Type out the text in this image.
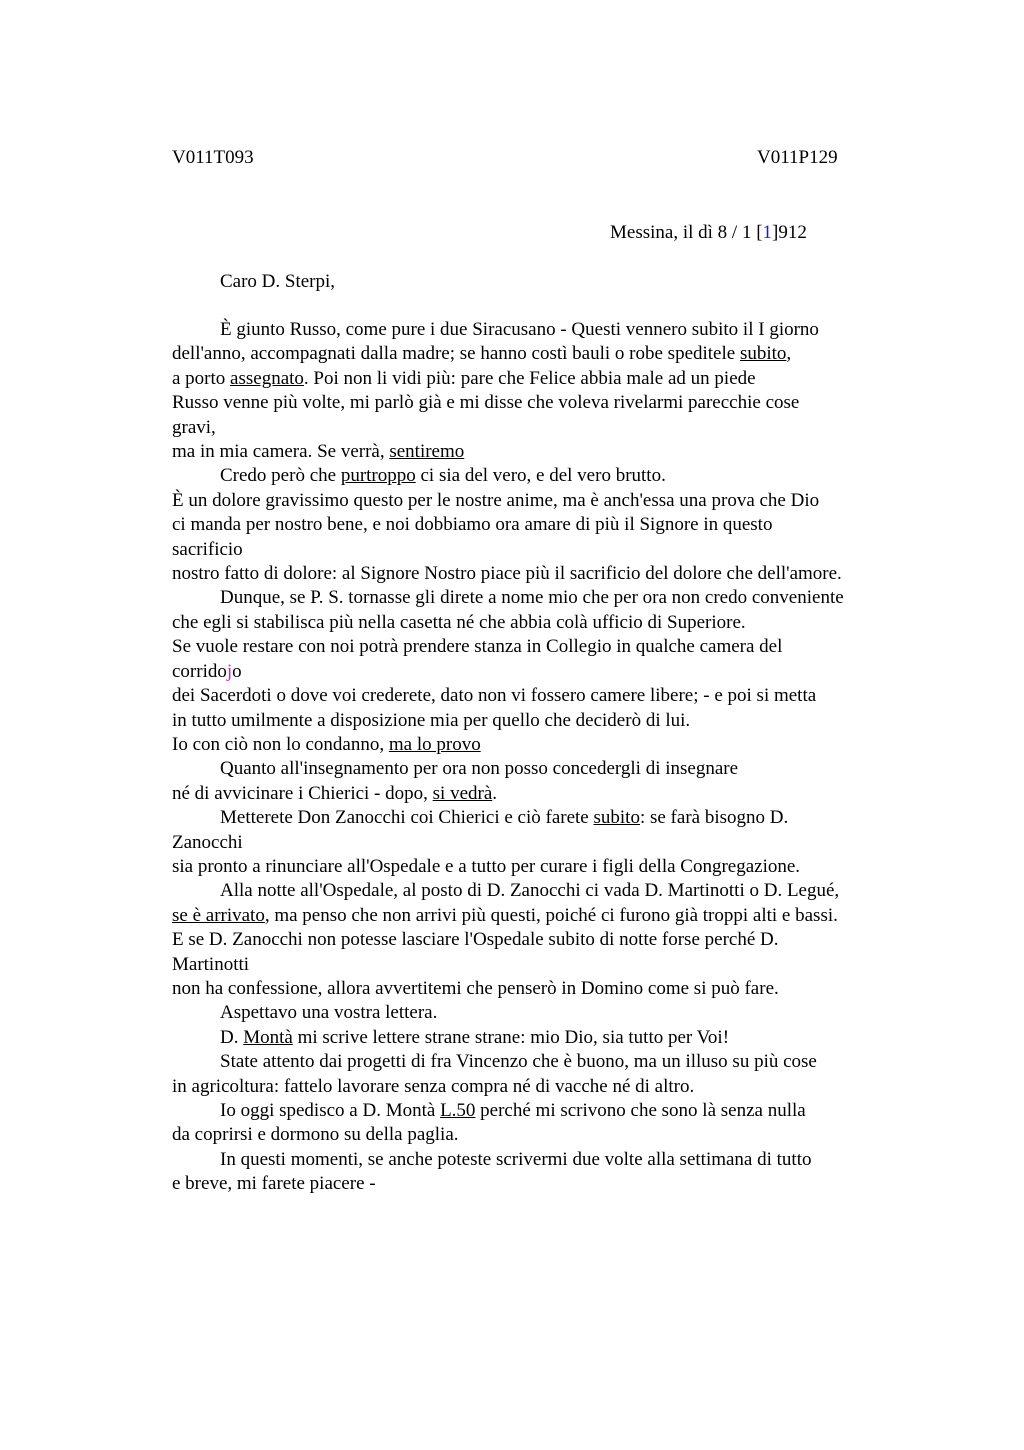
V011T093	V011P129
Messina, il dì 8 / 1 [1]912
Caro D. Sterpi,
È giunto Russo, come pure i due Siracusano - Questi vennero subito il I giorno
dell'anno, accompagnati dalla madre; se hanno costì bauli o robe speditele subito,
a porto assegnato. Poi non li vidi più: pare che Felice abbia male ad un piede
Russo venne più volte, mi parlò già e mi disse che voleva rivelarmi parecchie cose
gravi,
ma in mia camera. Se verrà, sentiremo
Credo però che purtroppo ci sia del vero, e del vero brutto.
È un dolore gravissimo questo per le nostre anime, ma è anch'essa una prova che Dio
ci manda per nostro bene, e noi dobbiamo ora amare di più il Signore in questo
sacrificio
nostro fatto di dolore: al Signore Nostro piace più il sacrificio del dolore che dell'amore.
Dunque, se P. S. tornasse gli direte a nome mio che per ora non credo conveniente
che egli si stabilisca più nella casetta né che abbia colà ufficio di Superiore.
Se vuole restare con noi potrà prendere stanza in Collegio in qualche camera del
corridojo
dei Sacerdoti o dove voi crederete, dato non vi fossero camere libere; - e poi si metta
in tutto umilmente a disposizione mia per quello che deciderò di lui.
Io con ciò non lo condanno, ma lo provo
Quanto all'insegnamento per ora non posso concedergli di insegnare
né di avvicinare i Chierici - dopo, si vedrà.
Metterete Don Zanocchi coi Chierici e ciò farete subito: se farà bisogno D.
Zanocchi
sia pronto a rinunciare all'Ospedale e a tutto per curare i figli della Congregazione.
Alla notte all'Ospedale, al posto di D. Zanocchi ci vada D. Martinotti o D. Legué,
se è arrivato, ma penso che non arrivi più questi, poiché ci furono già troppi alti e bassi.
E se D. Zanocchi non potesse lasciare l'Ospedale subito di notte forse perché D.
Martinotti
non ha confessione, allora avvertitemi che penserò in Domino come si può fare.
Aspettavo una vostra lettera.
D. Montà mi scrive lettere strane strane: mio Dio, sia tutto per Voi!
State attento dai progetti di fra Vincenzo che è buono, ma un illuso su più cose
in agricoltura: fattelo lavorare senza compra né di vacche né di altro.
Io oggi spedisco a D. Montà L.50 perché mi scrivono che sono là senza nulla
da coprirsi e dormono su della paglia.
In questi momenti, se anche poteste scrivermi due volte alla settimana di tutto
e breve, mi farete piacere -
